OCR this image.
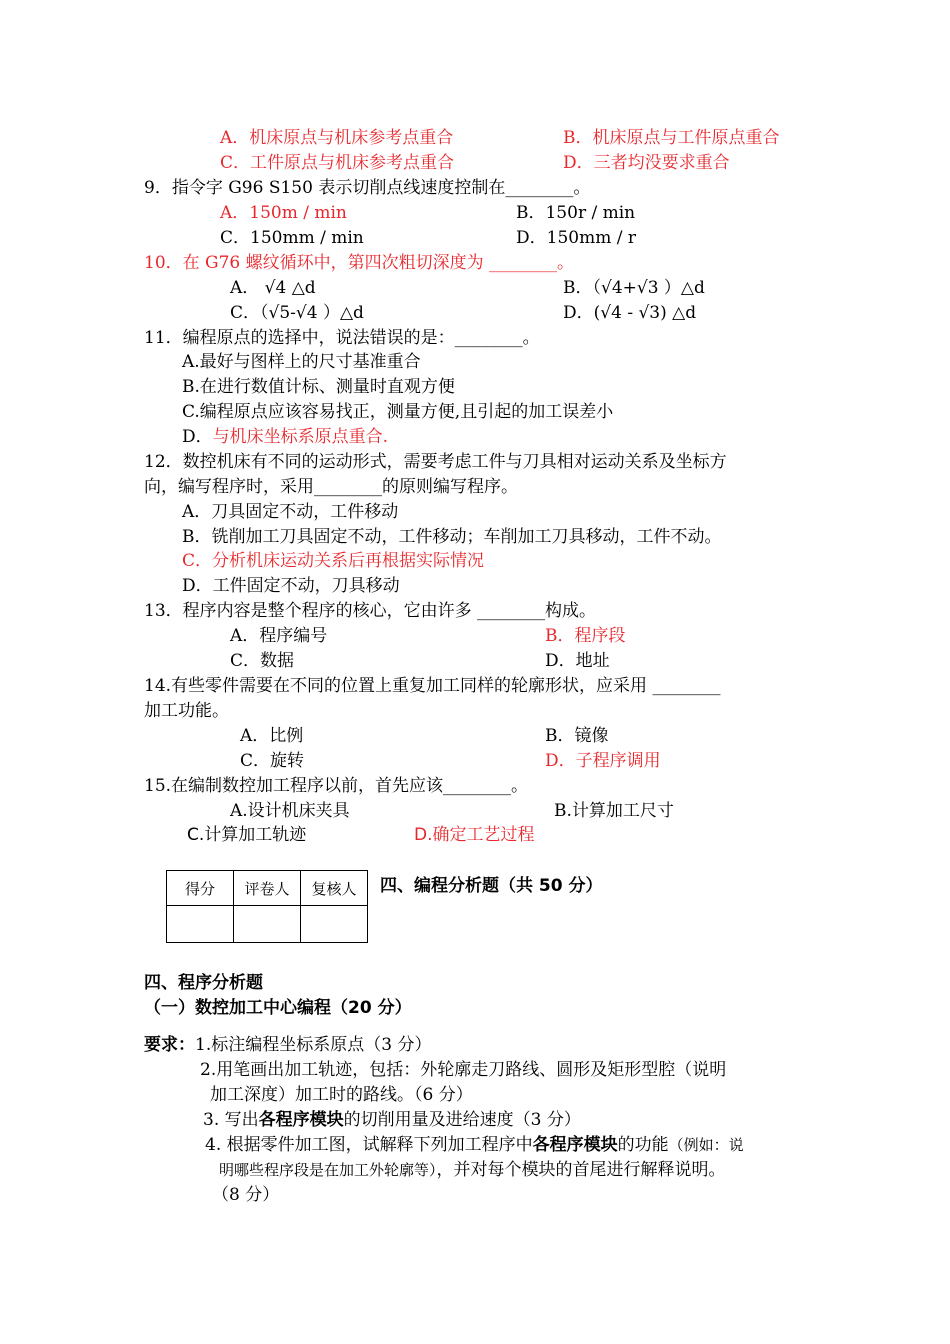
A．机床原点与机床参考点重合	B．机床原点与工件原点重合
C．工件原点与机床参考点重合	D．三者均没要求重合
9．指令字 G96 S150 表示切削点线速度控制在________。
A．150m / min	B．150r / min
C．150mm / min	D．150mm / r
10．在 G76 螺纹循环中，第四次粗切深度为 ________。
A． √4 △d	B．（√4+√3 ）△d
C．（√5-√4 ）△d	D．(√4 - √3) △d
11．编程原点的选择中，说法错误的是：________。
A.最好与图样上的尺寸基准重合
B.在进行数值计标、测量时直观方便
C.编程原点应该容易找正，测量方便,且引起的加工误差小
D．与机床坐标系原点重合.
12．数控机床有不同的运动形式，需要考虑工件与刀具相对运动关系及坐标方
向，编写程序时，采用________的原则编写程序。
A．刀具固定不动，工件移动
B．铣削加工刀具固定不动，工件移动；车削加工刀具移动，工件不动。
C．分析机床运动关系后再根据实际情况
D．工件固定不动，刀具移动
13．程序内容是整个程序的核心，它由许多 ________构成。
A．程序编号	B．程序段
C．数据	D．地址
14.有些零件需要在不同的位置上重复加工同样的轮廓形状，应采用 ________
加工功能。
A．比例	B．镜像
C．旋转	D．子程序调用
15.在编制数控加工程序以前，首先应该________。
A.设计机床夹具	B.计算加工尺寸
C.计算加工轨迹	D.确定工艺过程
得分	评卷人	复核人
		四、编程分析题（共 50 分）
四、程序分析题
（一）数控加工中心编程（20 分）
要求：1.标注编程坐标系原点（3 分）
2.用笔画出加工轨迹，包括：外轮廓走刀路线、圆形及矩形型腔（说明
加工深度）加工时的路线。（6 分）
3. 写出各程序模块的切削用量及进给速度（3 分）
4. 根据零件加工图，试解释下列加工程序中各程序模块的功能（例如：说
明哪些程序段是在加工外轮廓等），并对每个模块的首尾进行解释说明。
（8 分）
